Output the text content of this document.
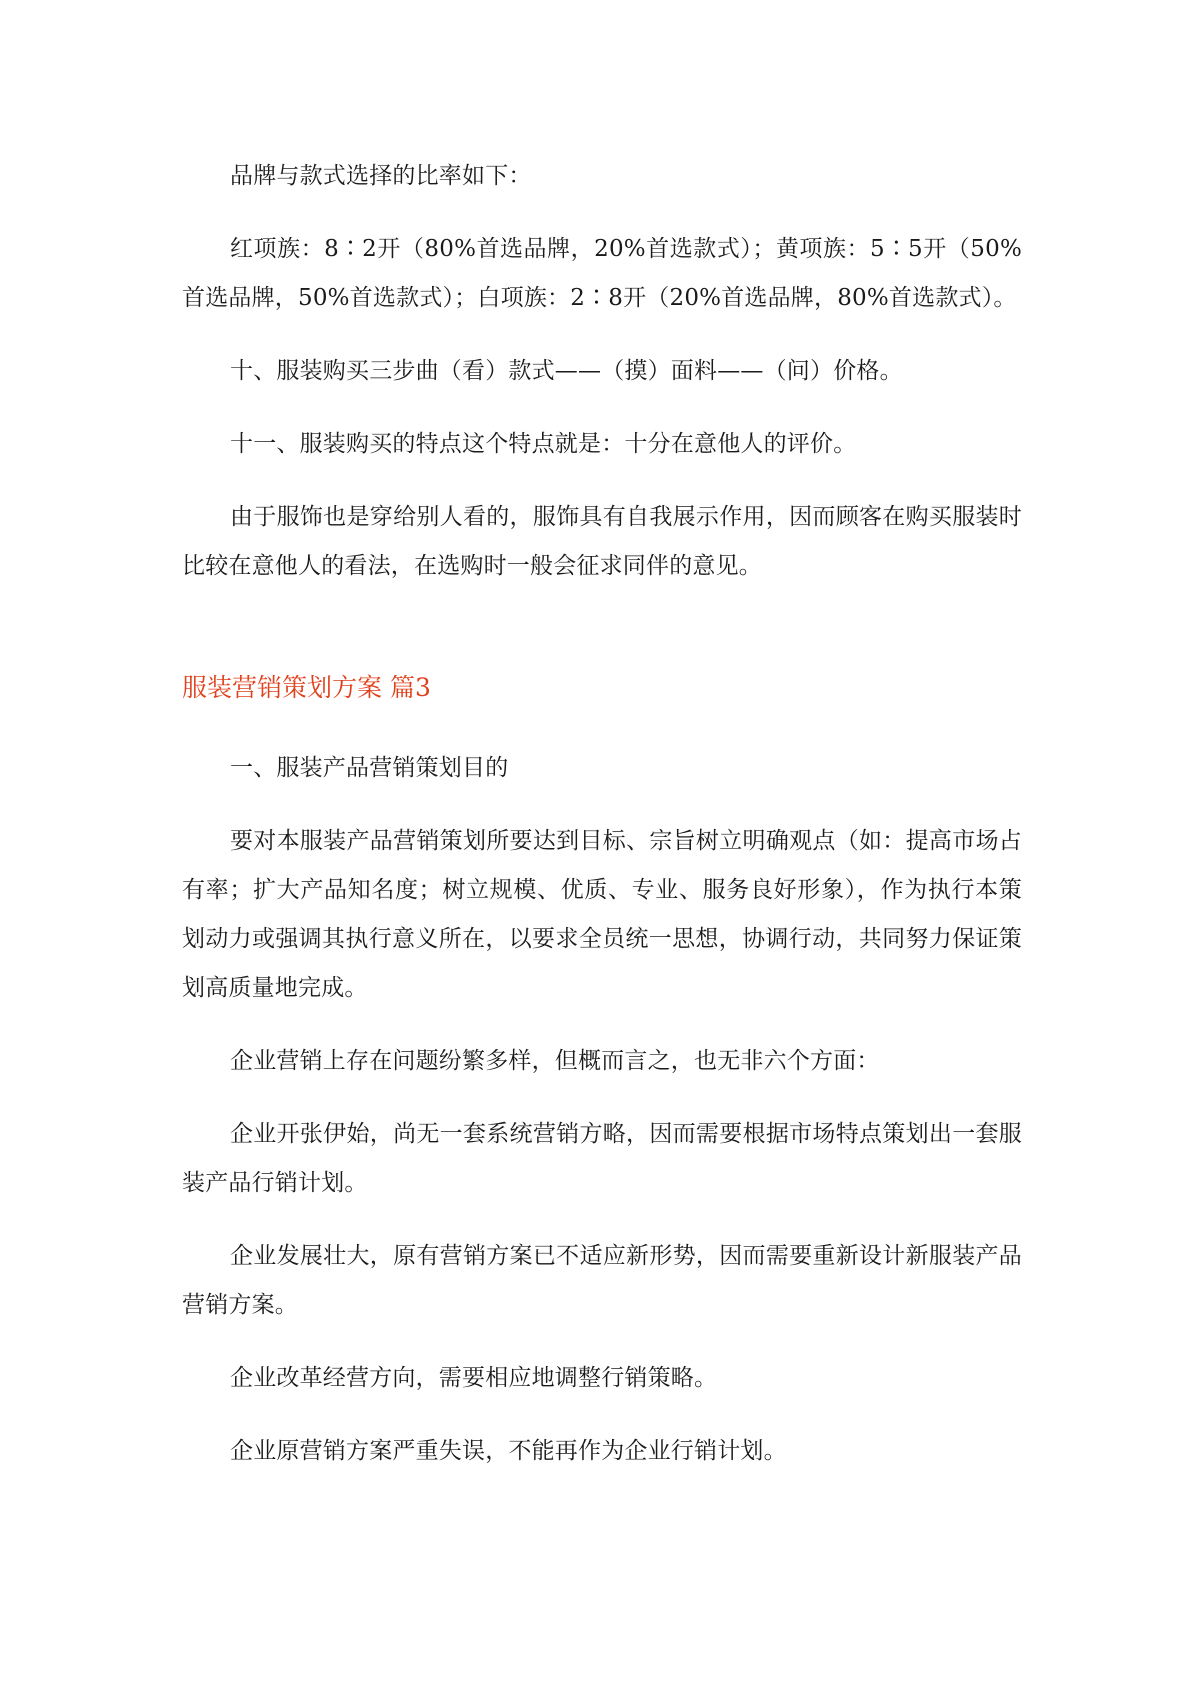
品牌与款式选择的比率如下：

红项族：8∶2开（80%首选品牌，20%首选款式）；黄项族：5∶5开（50%首选品牌，50%首选款式）；白项族：2∶8开（20%首选品牌，80%首选款式）。

十、服装购买三步曲（看）款式——（摸）面料——（问）价格。

十一、服装购买的特点这个特点就是：十分在意他人的评价。

由于服饰也是穿给别人看的，服饰具有自我展示作用，因而顾客在购买服装时比较在意他人的看法，在选购时一般会征求同伴的意见。

服装营销策划方案 篇3

一、服装产品营销策划目的

要对本服装产品营销策划所要达到目标、宗旨树立明确观点（如：提高市场占有率；扩大产品知名度；树立规模、优质、专业、服务良好形象），作为执行本策划动力或强调其执行意义所在，以要求全员统一思想，协调行动，共同努力保证策划高质量地完成。

企业营销上存在问题纷繁多样，但概而言之，也无非六个方面：

企业开张伊始，尚无一套系统营销方略，因而需要根据市场特点策划出一套服装产品行销计划。

企业发展壮大，原有营销方案已不适应新形势，因而需要重新设计新服装产品营销方案。

企业改革经营方向，需要相应地调整行销策略。

企业原营销方案严重失误，不能再作为企业行销计划。
